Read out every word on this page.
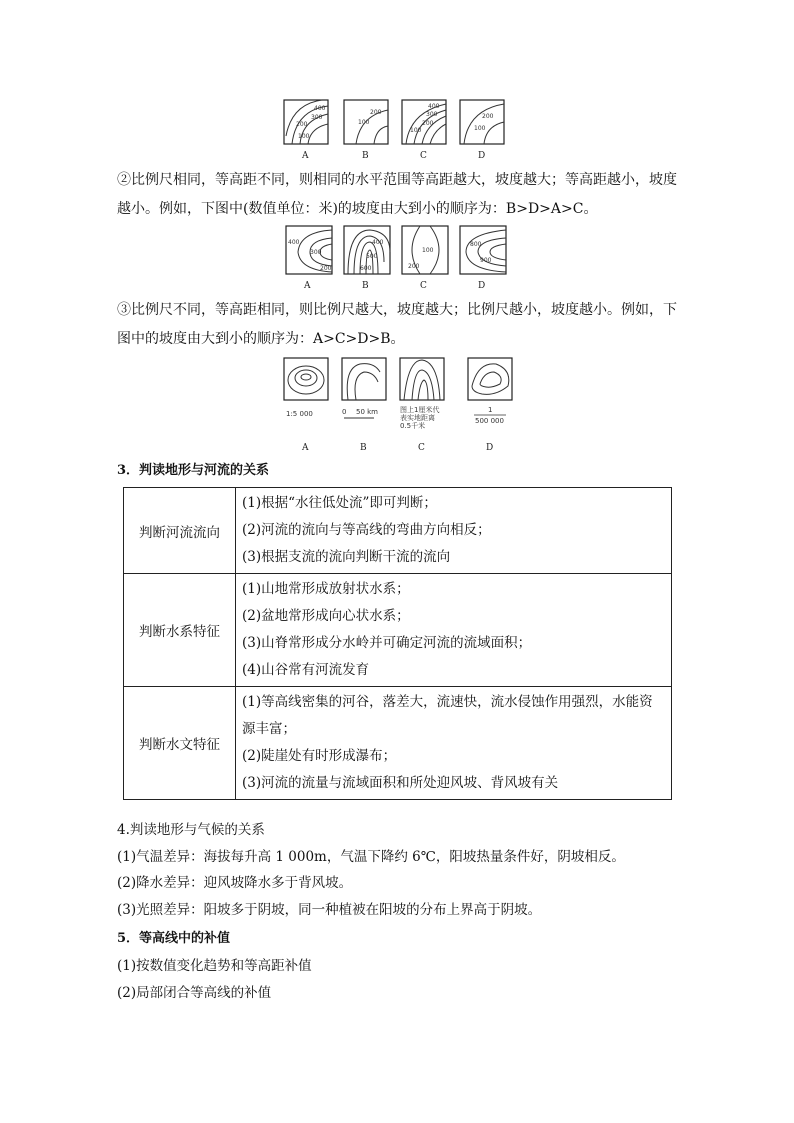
400
300
200
100
200
100
400
300
200
100
200
100
A	B	C	D
②比例尺相同，等高距不同，则相同的水平范围等高距越大，坡度越大；等高距越小，坡度越小。例如，下图中(数值单位：米)的坡度由大到小的顺序为：B>D>A>C。
400
300
200
400
500
600
100
200
800
900
A	B	C	D
③比例尺不同，等高距相同，则比例尺越大，坡度越大；比例尺越小，坡度越小。例如，下图中的坡度由大到小的顺序为：A>C>D>B。
1:5 000	0 50 km	图上1厘米代
表实地距离
0.5千米
1
500 000
A	B	C	D
3．判读地形与河流的关系
判断河流流向	(1)根据“水往低处流”即可判断；
(2)河流的流向与等高线的弯曲方向相反；
(3)根据支流的流向判断干流的流向

判断水系特征	(1)山地常形成放射状水系；
(2)盆地常形成向心状水系；
(3)山脊常形成分水岭并可确定河流的流域面积；
(4)山谷常有河流发育

判断水文特征	(1)等高线密集的河谷，落差大，流速快，流水侵蚀作用强烈，水能资源丰富；
(2)陡崖处有时形成瀑布；
(3)河流的流量与流域面积和所处迎风坡、背风坡有关
4.判读地形与气候的关系
(1)气温差异：海拔每升高 1 000m，气温下降约 6℃，阳坡热量条件好，阴坡相反。
(2)降水差异：迎风坡降水多于背风坡。
(3)光照差异：阳坡多于阴坡，同一种植被在阳坡的分布上界高于阴坡。
5．等高线中的补值
(1)按数值变化趋势和等高距补值
(2)局部闭合等高线的补值
